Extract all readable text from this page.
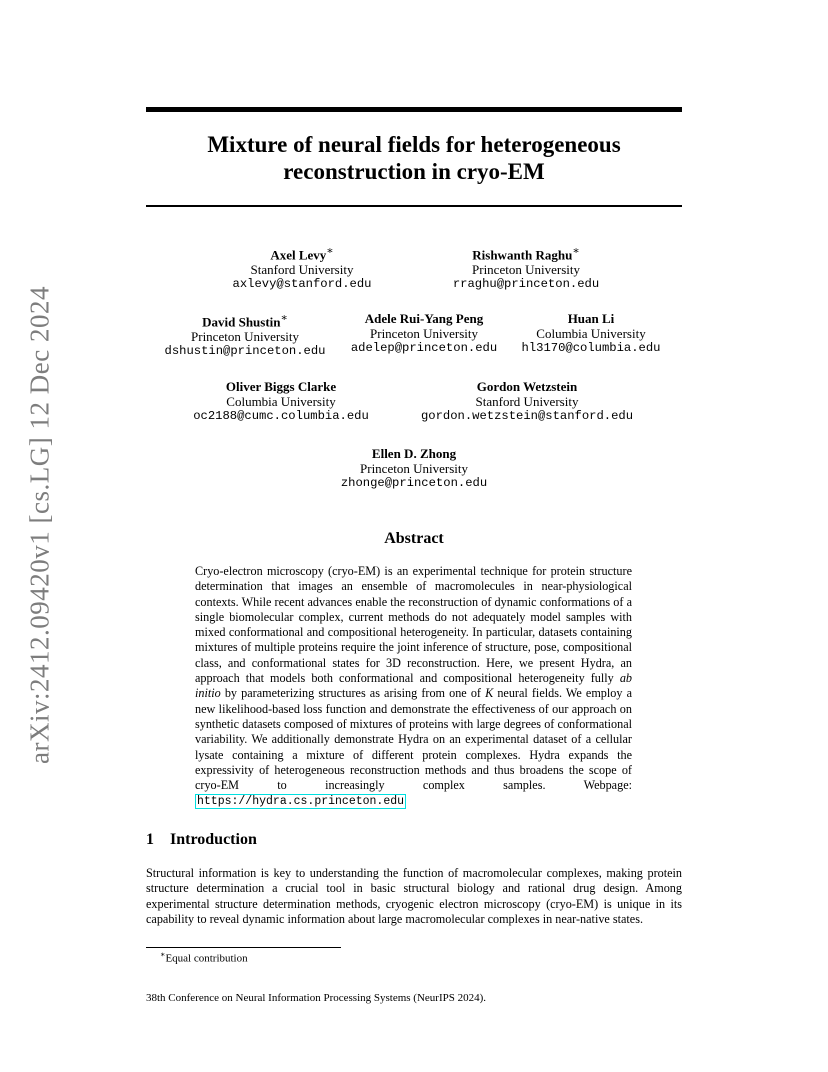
arXiv:2412.09420v1 [cs.LG] 12 Dec 2024
Mixture of neural fields for heterogeneous
reconstruction in cryo-EM
Axel Levy∗
Stanford University
axlevy@stanford.edu
Rishwanth Raghu∗
Princeton University
rraghu@princeton.edu
David Shustin∗
Princeton University
dshustin@princeton.edu
Adele Rui-Yang Peng
Princeton University
adelep@princeton.edu
Huan Li
Columbia University
hl3170@columbia.edu
Oliver Biggs Clarke
Columbia University
oc2188@cumc.columbia.edu
Gordon Wetzstein
Stanford University
gordon.wetzstein@stanford.edu
Ellen D. Zhong
Princeton University
zhonge@princeton.edu
Abstract
Cryo-electron microscopy (cryo-EM) is an experimental technique for protein structure determination that images an ensemble of macromolecules in near-physiological contexts. While recent advances enable the reconstruction of dynamic conformations of a single biomolecular complex, current methods do not adequately model samples with mixed conformational and compositional heterogeneity. In particular, datasets containing mixtures of multiple proteins require the joint inference of structure, pose, compositional class, and conformational states for 3D reconstruction. Here, we present Hydra, an approach that models both conformational and compositional heterogeneity fully ab initio by parameterizing structures as arising from one of K neural fields. We employ a new likelihood-based loss function and demonstrate the effectiveness of our approach on synthetic datasets composed of mixtures of proteins with large degrees of conformational variability. We additionally demonstrate Hydra on an experimental dataset of a cellular lysate containing a mixture of different protein complexes. Hydra expands the expressivity of heterogeneous reconstruction methods and thus broadens the scope of cryo-EM to increasingly complex samples. Webpage: https://hydra.cs.princeton.edu
1 Introduction
Structural information is key to understanding the function of macromolecular complexes, making protein structure determination a crucial tool in basic structural biology and rational drug design. Among experimental structure determination methods, cryogenic electron microscopy (cryo-EM) is unique in its capability to reveal dynamic information about large macromolecular complexes in near-native states.
∗Equal contribution
38th Conference on Neural Information Processing Systems (NeurIPS 2024).
